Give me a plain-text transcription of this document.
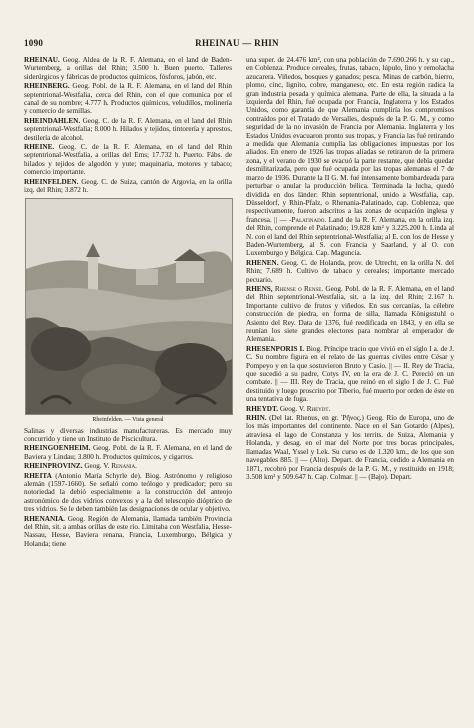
1090	RHEINAU — RHIN

RHEINAU. Geog. Aldea de la R. F. Alemana, en el land de Baden-Wurtemberg, a orillas del Rhin; 3.500 h. Buen puerto. Talleres siderúrgicos y fábricas de productos químicos, fósforos, jabón, etc.

RHEINBERG. Geog. Pobl. de la R. F. Alemana, en el land del Rhin septentrional-Westfalia, cerca del Rhin, con el que comunica por el canal de su nombre; 4.777 h. Productos químicos, veludillos, molinería y comercio de semillas.

RHEINDAHLEN. Geog. C. de la R. F. Alemana, en el land del Rhin septentrional-Westfalia; 8.000 h. Hilados y tejidos, tintorería y aprestos, destilería de alcohol.

RHEINE. Geog. C. de la R. F. Alemana, en el land del Rhin septentrional-Westfalia, a orillas del Ems; 17.732 h. Puerto. Fábs. de hilados y tejidos de algodón y yute; maquinaria, motores y tabaco; comercio importante.

RHEINFELDEN. Geog. C. de Suiza, cantón de Argovia, en la orilla izq. del Rhin; 3.872 h.

Rheinfelden. — Vista general

Salinas y diversas industrias manufactureras. Es mercado muy concurrido y tiene un Instituto de Piscicultura.

RHEINGOENHEIM. Geog. Pobl. de la R. F. Alemana, en el land de Baviera y Lindau; 3.800 h. Productos químicos, y cigarros.

RHEINPROVINZ. Geog. V. Renania.

RHEITA (Antonio María Schyrle de). Biog. Astrónomo y religioso alemán (1597-1660). Se señaló como teólogo y predicador; pero su notoriedad la debió especialmente a la construcción del anteojo astronómico de dos vidrios convexos y a la del telescopio dióptrico de tres vidrios. Se le deben también las designaciones de ocular y objetivo.

RHENANIA. Geog. Región de Alemania, llamada también Provincia del Rhin, sit. a ambas orillas de este río. Limitaba con Westfalia, Hesse-Nassau, Hesse, Baviera renana, Francia, Luxemburgo, Bélgica y Holanda; tiene

una super. de 24.476 km², con una población de 7.690.266 h. y su cap., en Coblenza. Produce cereales, frutas, tabaco, lúpulo, lino y remolacha azucarera. Viñedos, bosques y ganados; pesca. Minas de carbón, hierro, plomo, cinc, lignito, cobre, manganeso, etc. En esta región radica la gran industria pesada y química alemana. Parte de ella, la situada a la izquierda del Rhin, fué ocupada por Francia, Inglaterra y los Estados Unidos, como garantía de que Alemania cumpliría los compromisos contraídos por el Tratado de Versalles, después de la P. G. M., y como seguridad de la no invasión de Francia por Alemania. Inglaterra y los Estados Unidos evacuaron pronto sus tropas, y Francia las fué retirando a medida que Alemania cumplía las obligaciones impuestas por los aliados. En enero de 1926 las tropas aliadas se retiraron de la primera zona, y el verano de 1930 se evacuó la parte restante, que debía quedar desmilitarizada, pero que fué ocupada por las tropas alemanas el 7 de marzo de 1936. Durante la II G. M. fué intensamente bombardeada para perturbar o anular la producción bélica. Terminada la lucha, quedó dividida en dos länder: Rhin septentrional, unido a Westfalia, cap. Düsseldorf, y Rhin-Pfalz, o Rhenania-Palatinado, cap. Coblenza, que respectivamente, fueron adscritos a las zonas de ocupación inglesa y francesa. || — -Palatinado. Land de la R. F. Alemana, en la orilla izq. del Rhin, comprende el Palatinado; 19.828 km² y 3.225.200 h. Linda al N. con el land del Rhin septentrional-Westfalia; al E. con los de Hesse y Baden-Wurtemberg, al S. con Francia y Saarland, y al O. con Luxemburgo y Bélgica. Cap. Maguncia.

RHENEN. Geog. C. de Holanda, prov. de Utrecht, en la orilla N. del Rhin; 7.689 h. Cultivo de tabaco y cereales; importante mercado pecuario.

RHENS, Rhense o Rense. Geog. Pobl. de la R. F. Alemana, en el land del Rhin septentrional-Westfalia, sit. a la izq. del Rhin; 2.167 h. Importante cultivo de frutos y viñedos. En sus cercanías, la célebre construcción de piedra, en forma de silla, llamada Königsstuhl o Asiento del Rey. Data de 1376, fué reedificada en 1843, y en ella se reunían los siete grandes electores para nombrar al emperador de Alemania.

RHESENPORIS I. Biog. Príncipe tracio que vivió en el siglo I a. de J. C. Su nombre figura en el relato de las guerras civiles entre César y Pompeyo y en la que sostuvieron Bruto y Casio. || — II. Rey de Tracia, que sucedió a su padre, Cotys IV, en la era de J. C. Pereció en un combate. || — III. Rey de Tracia, que reinó en el siglo I de J. C. Fué destituido y luego proscrito por Tiberio, fué muerto por orden de éste en una tentativa de fuga.

RHEYDT. Geog. V. Rheydt.

RHIN. (Del lat. Rhenus, en gr. Ῥῆνος.) Geog. Río de Europa, uno de los más importantes del continente. Nace en el San Gotardo (Alpes), atraviesa el lago de Constanza y los territs. de Suiza, Alemania y Holanda, y desag. en el mar del Norte por tres bocas principales, llamadas Waal, Yssel y Lek. Su curso es de 1.320 km., de los que son navegables 885. || — (Alto). Depart. de Francia, cedido a Alemania en 1871, recobró por Francia después de la P. G. M., y restituido en 1918; 3.508 km² y 509.647 h. Cap. Colmar. || — (Bajo). Depart.
